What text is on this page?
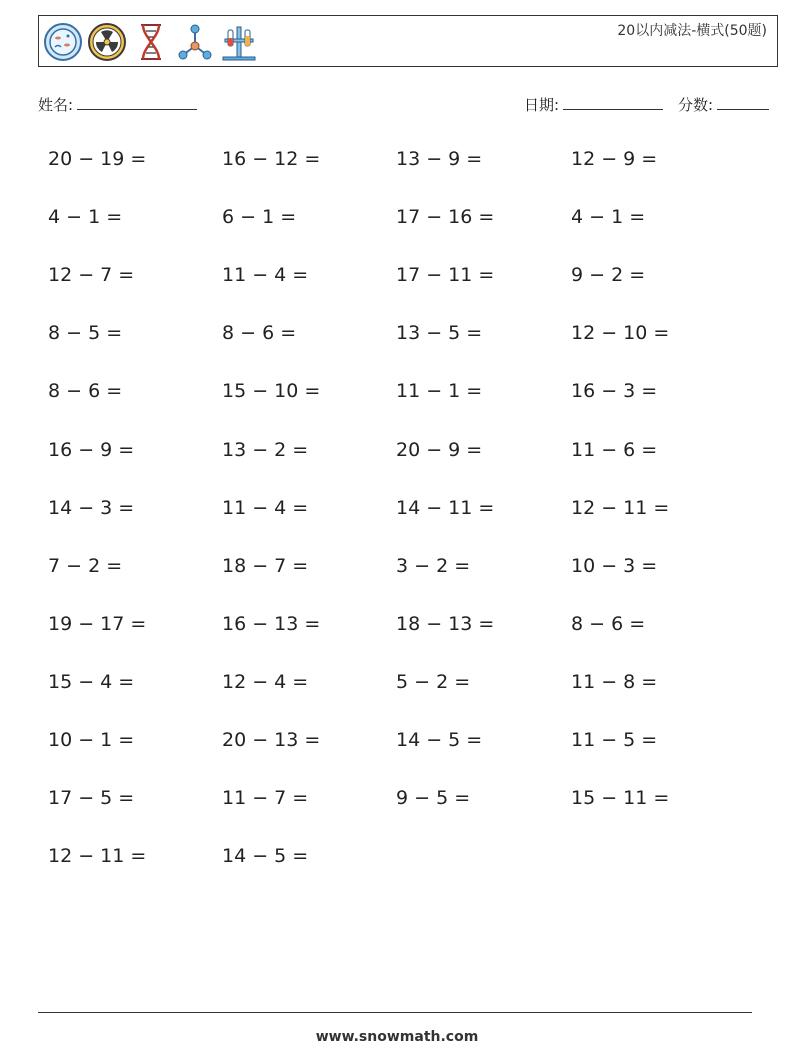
20以内减法-横式(50题)
姓名:	日期:	分数:
20 − 19 =	16 − 12 =	13 − 9 =	12 − 9 =
4 − 1 =	6 − 1 =	17 − 16 =	4 − 1 =
12 − 7 =	11 − 4 =	17 − 11 =	9 − 2 =
8 − 5 =	8 − 6 =	13 − 5 =	12 − 10 =
8 − 6 =	15 − 10 =	11 − 1 =	16 − 3 =
16 − 9 =	13 − 2 =	20 − 9 =	11 − 6 =
14 − 3 =	11 − 4 =	14 − 11 =	12 − 11 =
7 − 2 =	18 − 7 =	3 − 2 =	10 − 3 =
19 − 17 =	16 − 13 =	18 − 13 =	8 − 6 =
15 − 4 =	12 − 4 =	5 − 2 =	11 − 8 =
10 − 1 =	20 − 13 =	14 − 5 =	11 − 5 =
17 − 5 =	11 − 7 =	9 − 5 =	15 − 11 =
12 − 11 =	14 − 5 =
www.snowmath.com
